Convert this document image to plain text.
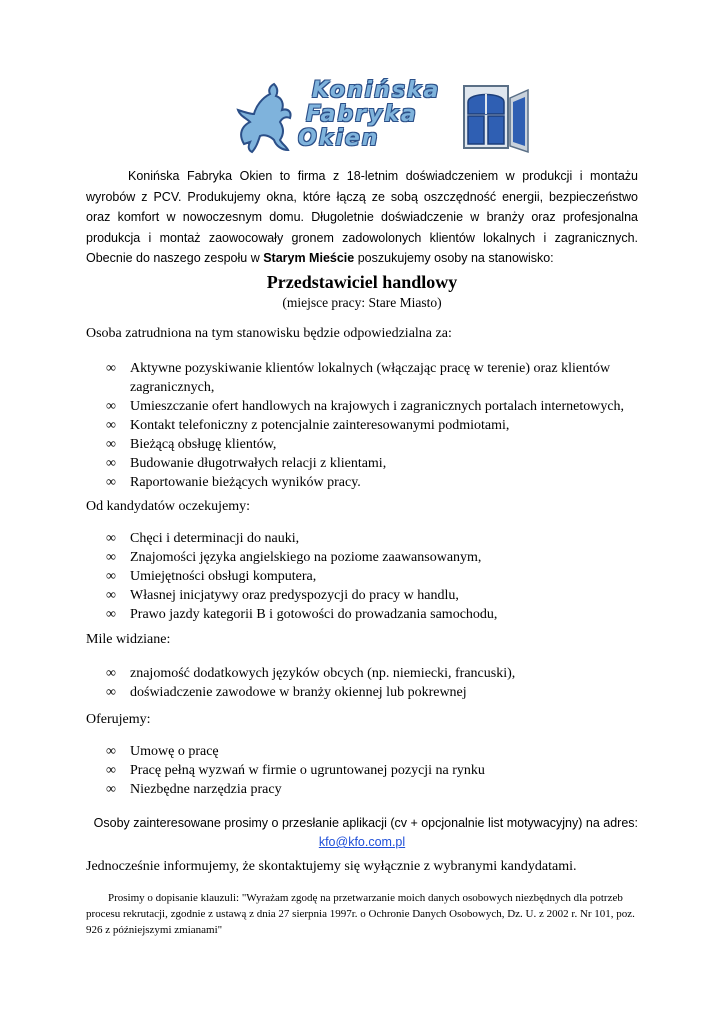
Konińska
Fabryka
Okien

Konińska Fabryka Okien to firma z 18-letnim doświadczeniem w produkcji i montażu wyrobów z PCV. Produkujemy okna, które łączą ze sobą oszczędność energii, bezpieczeństwo oraz komfort w nowoczesnym domu. Długoletnie doświadczenie w branży oraz profesjonalna produkcja i montaż zaowocowały gronem zadowolonych klientów lokalnych i zagranicznych. Obecnie do naszego zespołu w Starym Mieście poszukujemy osoby na stanowisko:

Przedstawiciel handlowy

(miejsce pracy: Stare Miasto)

Osoba zatrudniona na tym stanowisku będzie odpowiedzialna za:

∞ Aktywne pozyskiwanie klientów lokalnych (włączając pracę w terenie) oraz klientów zagranicznych,
∞ Umieszczanie ofert handlowych na krajowych i zagranicznych portalach internetowych,
∞ Kontakt telefoniczny z potencjalnie zainteresowanymi podmiotami,
∞ Bieżącą obsługę klientów,
∞ Budowanie długotrwałych relacji z klientami,
∞ Raportowanie bieżących wyników pracy.

Od kandydatów oczekujemy:

∞ Chęci i determinacji do nauki,
∞ Znajomości języka angielskiego na poziome zaawansowanym,
∞ Umiejętności obsługi komputera,
∞ Własnej inicjatywy oraz predyspozycji do pracy w handlu,
∞ Prawo jazdy kategorii B i gotowości do prowadzania samochodu,

Mile widziane:

∞ znajomość dodatkowych języków obcych (np. niemiecki, francuski),
∞ doświadczenie zawodowe w branży okiennej lub pokrewnej

Oferujemy:

∞ Umowę o pracę
∞ Pracę pełną wyzwań w firmie o ugruntowanej pozycji na rynku
∞ Niezbędne narzędzia pracy

Osoby zainteresowane prosimy o przesłanie aplikacji (cv + opcjonalnie list motywacyjny) na adres:

kfo@kfo.com.pl

Jednocześnie informujemy, że skontaktujemy się wyłącznie z wybranymi kandydatami.

Prosimy o dopisanie klauzuli: "Wyrażam zgodę na przetwarzanie moich danych osobowych niezbędnych dla potrzeb procesu rekrutacji, zgodnie z ustawą z dnia 27 sierpnia 1997r. o Ochronie Danych Osobowych, Dz. U. z 2002 r. Nr 101, poz. 926 z późniejszymi zmianami"
